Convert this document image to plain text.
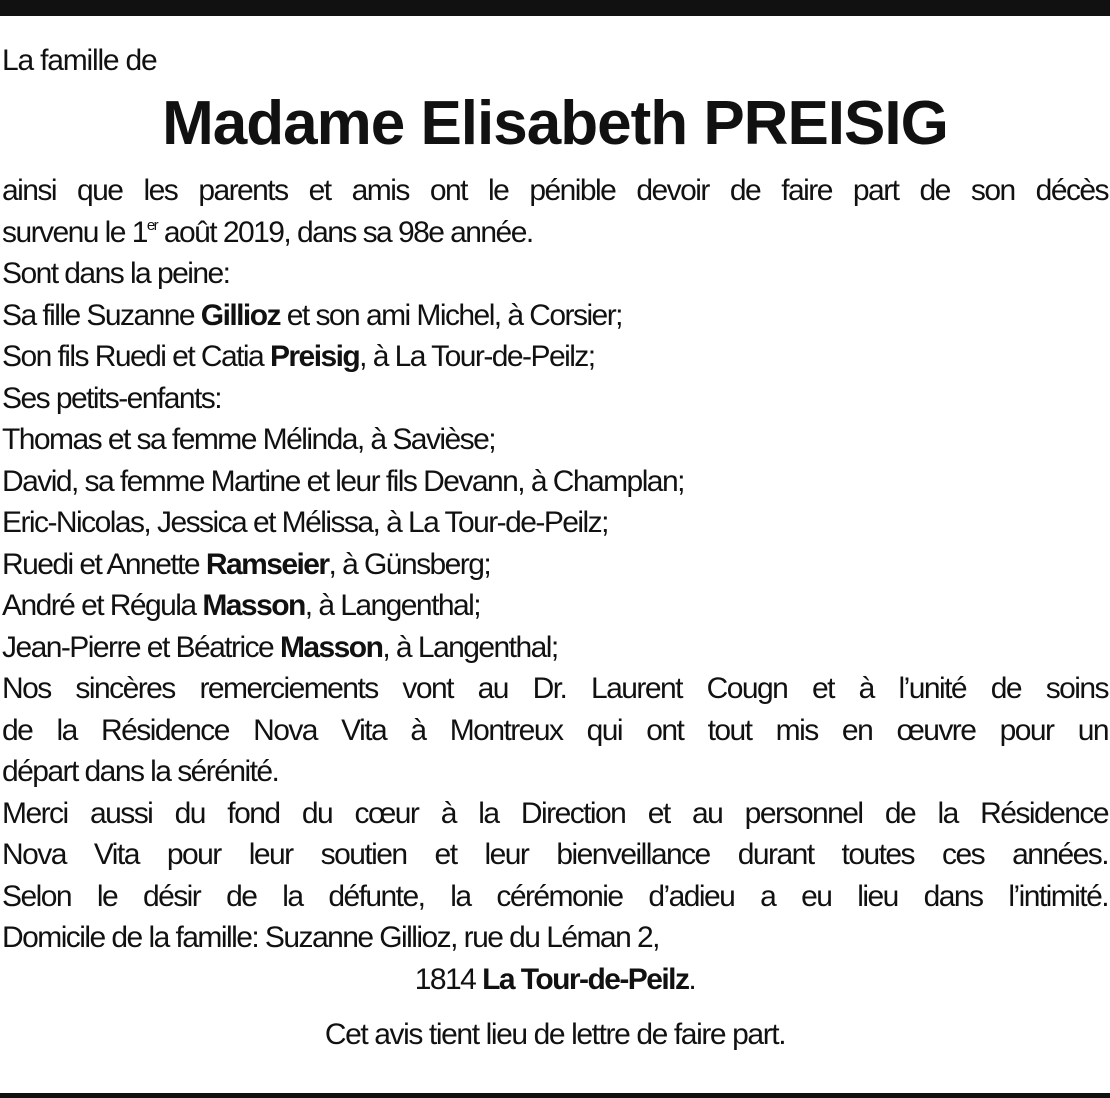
La famille de
Madame Elisabeth PREISIG
ainsi que les parents et amis ont le pénible devoir de faire part de son décès
survenu le 1er août 2019, dans sa 98e année.
Sont dans la peine:
Sa fille Suzanne Gillioz et son ami Michel, à Corsier;
Son fils Ruedi et Catia Preisig, à La Tour-de-Peilz;
Ses petits-enfants:
Thomas et sa femme Mélinda, à Savièse;
David, sa femme Martine et leur fils Devann, à Champlan;
Eric-Nicolas, Jessica et Mélissa, à La Tour-de-Peilz;
Ruedi et Annette Ramseier, à Günsberg;
André et Régula Masson, à Langenthal;
Jean-Pierre et Béatrice Masson, à Langenthal;
Nos sincères remerciements vont au Dr. Laurent Cougn et à l’unité de soins
de la Résidence Nova Vita à Montreux qui ont tout mis en œuvre pour un
départ dans la sérénité.
Merci aussi du fond du cœur à la Direction et au personnel de la Résidence
Nova Vita pour leur soutien et leur bienveillance durant toutes ces années.
Selon le désir de la défunte, la cérémonie d’adieu a eu lieu dans l’intimité.
Domicile de la famille: Suzanne Gillioz, rue du Léman 2,
1814 La Tour-de-Peilz.
Cet avis tient lieu de lettre de faire part.
